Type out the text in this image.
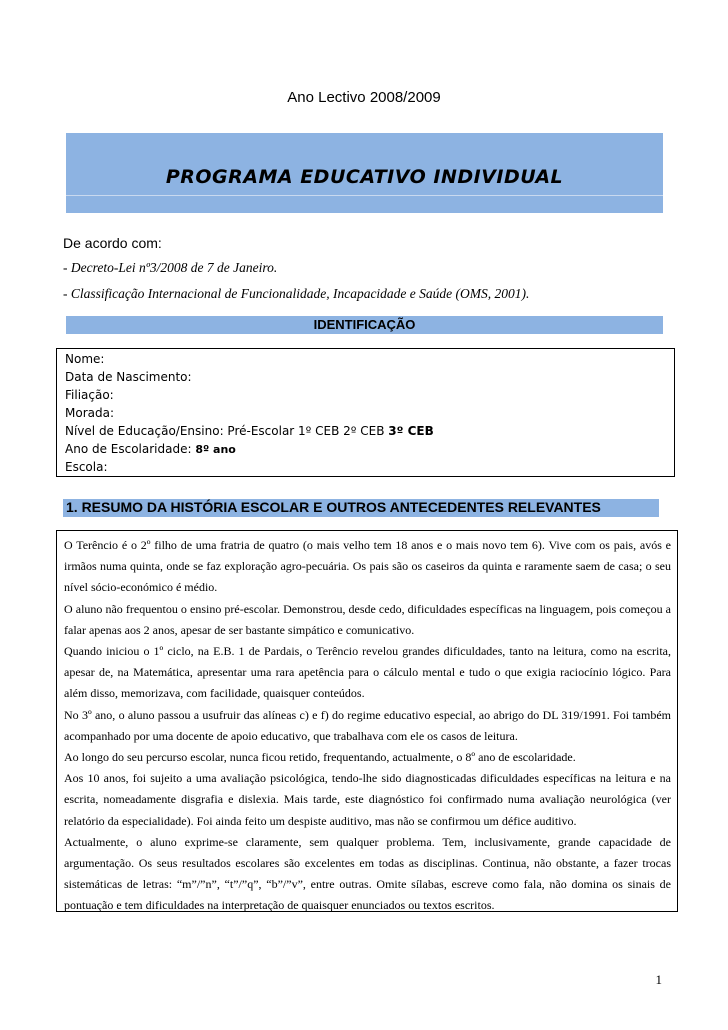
Ano Lectivo 2008/2009
PROGRAMA EDUCATIVO INDIVIDUAL
De acordo com:
- Decreto-Lei nº3/2008 de 7 de Janeiro.
- Classificação Internacional de Funcionalidade, Incapacidade e Saúde (OMS, 2001).
IDENTIFICAÇÃO
Nome:
Data de Nascimento:
Filiação:
Morada:
Nível de Educação/Ensino: Pré-Escolar 1º CEB 2º CEB 3º CEB
Ano de Escolaridade: 8º ano
Escola:
1. RESUMO DA HISTÓRIA ESCOLAR E OUTROS ANTECEDENTES RELEVANTES

O Terêncio é o 2º filho de uma fratria de quatro (o mais velho tem 18 anos e o mais novo tem 6). Vive com os pais, avós e irmãos numa quinta, onde se faz exploração agro-pecuária. Os pais são os caseiros da quinta e raramente saem de casa; o seu nível sócio-económico é médio.

O aluno não frequentou o ensino pré-escolar. Demonstrou, desde cedo, dificuldades específicas na linguagem, pois começou a falar apenas aos 2 anos, apesar de ser bastante simpático e comunicativo.

Quando iniciou o 1º ciclo, na E.B. 1 de Pardais, o Terêncio revelou grandes dificuldades, tanto na leitura, como na escrita, apesar de, na Matemática, apresentar uma rara apetência para o cálculo mental e tudo o que exigia raciocínio lógico. Para além disso, memorizava, com facilidade, quaisquer conteúdos.

No 3º ano, o aluno passou a usufruir das alíneas c) e f) do regime educativo especial, ao abrigo do DL 319/1991. Foi também acompanhado por uma docente de apoio educativo, que trabalhava com ele os casos de leitura.

Ao longo do seu percurso escolar, nunca ficou retido, frequentando, actualmente, o 8º ano de escolaridade.

Aos 10 anos, foi sujeito a uma avaliação psicológica, tendo-lhe sido diagnosticadas dificuldades específicas na leitura e na escrita, nomeadamente disgrafia e dislexia. Mais tarde, este diagnóstico foi confirmado numa avaliação neurológica (ver relatório da especialidade). Foi ainda feito um despiste auditivo, mas não se confirmou um défice auditivo.

Actualmente, o aluno exprime-se claramente, sem qualquer problema. Tem, inclusivamente, grande capacidade de argumentação. Os seus resultados escolares são excelentes em todas as disciplinas. Continua, não obstante, a fazer trocas sistemáticas de letras: “m”/”n”, “t”/”q”, “b”/”v”, entre outras. Omite sílabas, escreve como fala, não domina os sinais de pontuação e tem dificuldades na interpretação de quaisquer enunciados ou textos escritos.

1
